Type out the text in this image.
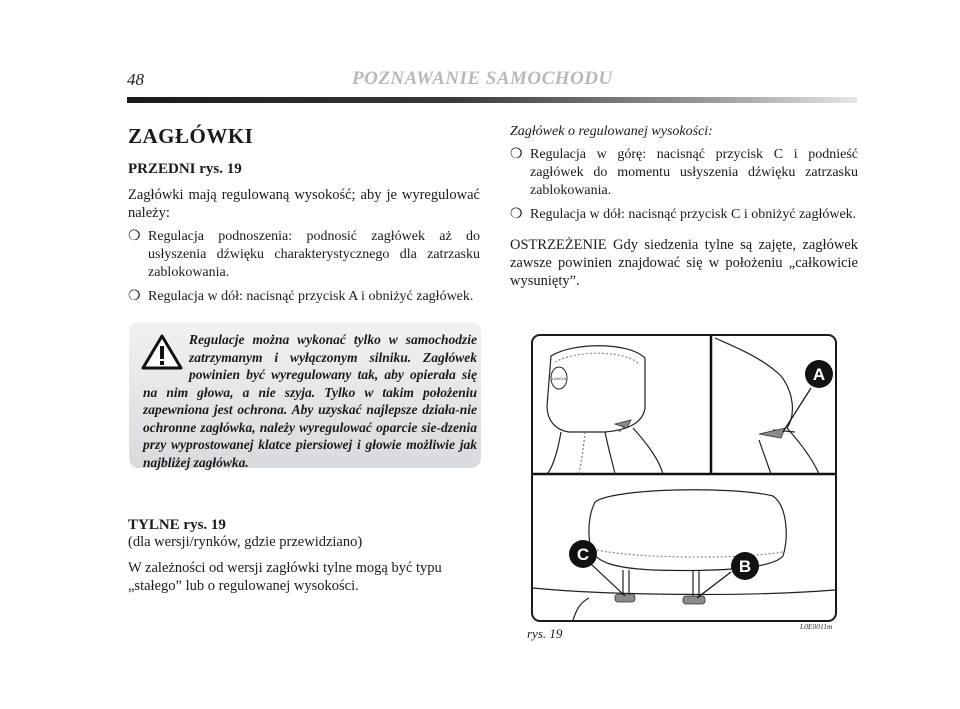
48	POZNAWANIE SAMOCHODU
ZAGŁÓWKI
PRZEDNI rys. 19

Zagłówki mają regulowaną wysokość; aby je wyregulować należy:

❍ Regulacja podnoszenia: podnosić zagłówek aż do usłyszenia dźwięku charakterystycznego dla zatrzasku zablokowania.
❍ Regulacja w dół: nacisnąć przycisk A i obniżyć zagłówek.
Regulacje można wykonać tylko w samochodzie zatrzymanym i wyłączonym silniku. Zagłówek powinien być wyregulowany tak, aby opierała się na nim głowa, a nie szyja. Tylko w takim położeniu zapewniona jest ochrona. Aby uzyskać najlepsze działa-nie ochronne zagłówka, należy wyregulować oparcie sie-dzenia przy wyprostowanej klatce piersiowej i głowie możliwie jak najbliżej zagłówka.
TYLNE rys. 19
(dla wersji/rynków, gdzie przewidziano)

W zależności od wersji zagłówki tylne mogą być typu „stałego” lub o regulowanej wysokości.

Zagłówek o regulowanej wysokości:
❍ Regulacja w górę: nacisnąć przycisk C i podnieść zagłówek do momentu usłyszenia dźwięku zatrzasku zablokowania.
❍ Regulacja w dół: nacisnąć przycisk C i obniżyć zagłówek.

OSTRZEŻENIE Gdy siedzenia tylne są zajęte, zagłówek zawsze powinien znajdować się w położeniu „całkowicie wysunięty”.

LANCIA	A
C
B
rys. 19	L0E0011m
